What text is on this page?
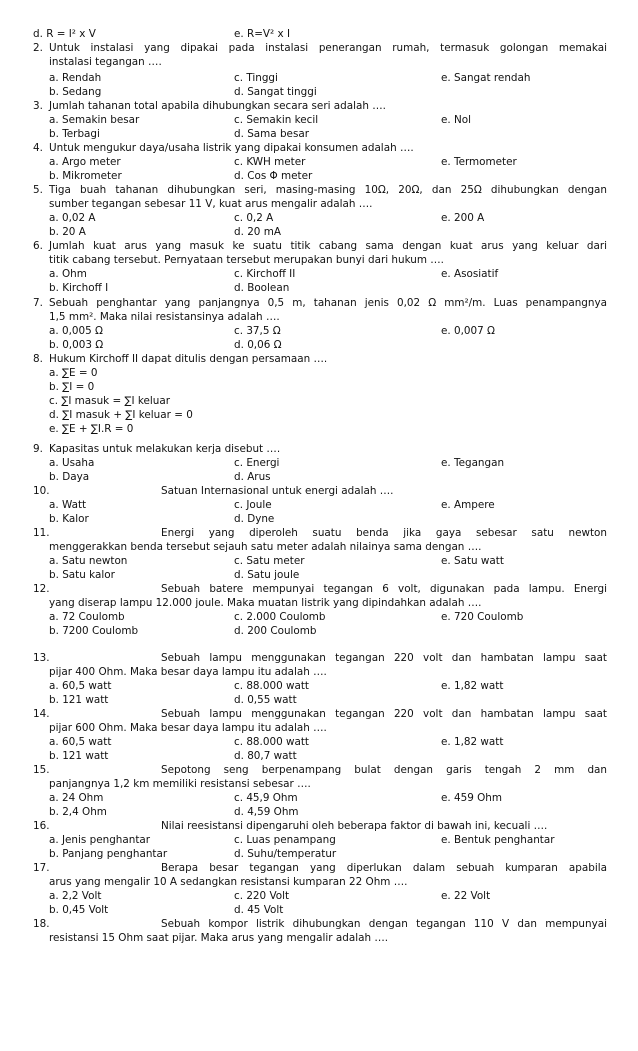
d. R = I² x V	e. R=V² x I
2. Untuk instalasi yang dipakai pada instalasi penerangan rumah, termasuk golongan memakai
instalasi tegangan ….
a. Rendah	c. Tinggi	e. Sangat rendah
b. Sedang	d. Sangat tinggi
3. Jumlah tahanan total apabila dihubungkan secara seri adalah ….
a. Semakin besar	c. Semakin kecil	e. Nol
b. Terbagi	d. Sama besar
4. Untuk mengukur daya/usaha listrik yang dipakai konsumen adalah ….
a. Argo meter	c. KWH meter	e. Termometer
b. Mikrometer	d. Cos Φ meter
5. Tiga buah tahanan dihubungkan seri, masing-masing 10Ω, 20Ω, dan 25Ω dihubungkan dengan
sumber tegangan sebesar 11 V, kuat arus mengalir adalah ….
a. 0,02 A	c. 0,2 A	e. 200 A
b. 20 A	d. 20 mA
6. Jumlah kuat arus yang masuk ke suatu titik cabang sama dengan kuat arus yang keluar dari
titik cabang tersebut. Pernyataan tersebut merupakan bunyi dari hukum ….
a. Ohm	c. Kirchoff II	e. Asosiatif
b. Kirchoff I	d. Boolean
7. Sebuah penghantar yang panjangnya 0,5 m, tahanan jenis 0,02 Ω mm²/m. Luas penampangnya
1,5 mm². Maka nilai resistansinya adalah ….
a. 0,005 Ω	c. 37,5 Ω	e. 0,007 Ω
b. 0,003 Ω	d. 0,06 Ω
8. Hukum Kirchoff II dapat ditulis dengan persamaan ….
a. ∑E = 0
b. ∑I = 0
c. ∑I masuk = ∑I keluar
d. ∑I masuk + ∑I keluar = 0
e. ∑E + ∑I.R = 0
9. Kapasitas untuk melakukan kerja disebut ….
a. Usaha	c. Energi	e. Tegangan
b. Daya	d. Arus
10.	Satuan Internasional untuk energi adalah ….
a. Watt	c. Joule	e. Ampere
b. Kalor	d. Dyne
11.	Energi yang diperoleh suatu benda jika gaya sebesar satu newton
menggerakkan benda tersebut sejauh satu meter adalah nilainya sama dengan ….
a. Satu newton	c. Satu meter	e. Satu watt
b. Satu kalor	d. Satu joule
12.	Sebuah batere mempunyai tegangan 6 volt, digunakan pada lampu. Energi
yang diserap lampu 12.000 joule. Maka muatan listrik yang dipindahkan adalah ….
a. 72 Coulomb	c. 2.000 Coulomb	e. 720 Coulomb
b. 7200 Coulomb	d. 200 Coulomb
13.	Sebuah lampu menggunakan tegangan 220 volt dan hambatan lampu saat
pijar 400 Ohm. Maka besar daya lampu itu adalah ….
a. 60,5 watt	c. 88.000 watt	e. 1,82 watt
b. 121 watt	d. 0,55 watt
14.	Sebuah lampu menggunakan tegangan 220 volt dan hambatan lampu saat
pijar 600 Ohm. Maka besar daya lampu itu adalah ….
a. 60,5 watt	c. 88.000 watt	e. 1,82 watt
b. 121 watt	d. 80,7 watt
15.	Sepotong seng berpenampang bulat dengan garis tengah 2 mm dan
panjangnya 1,2 km memiliki resistansi sebesar ….
a. 24 Ohm	c. 45,9 Ohm	e. 459 Ohm
b. 2,4 Ohm	d. 4,59 Ohm
16.	Nilai reesistansi dipengaruhi oleh beberapa faktor di bawah ini, kecuali ….
a. Jenis penghantar	c. Luas penampang	e. Bentuk penghantar
b. Panjang penghantar	d. Suhu/temperatur
17.	Berapa besar tegangan yang diperlukan dalam sebuah kumparan apabila
arus yang mengalir 10 A sedangkan resistansi kumparan 22 Ohm ….
a. 2,2 Volt	c. 220 Volt	e. 22 Volt
b. 0,45 Volt	d. 45 Volt
18.	Sebuah kompor listrik dihubungkan dengan tegangan 110 V dan mempunyai
resistansi 15 Ohm saat pijar. Maka arus yang mengalir adalah ….
